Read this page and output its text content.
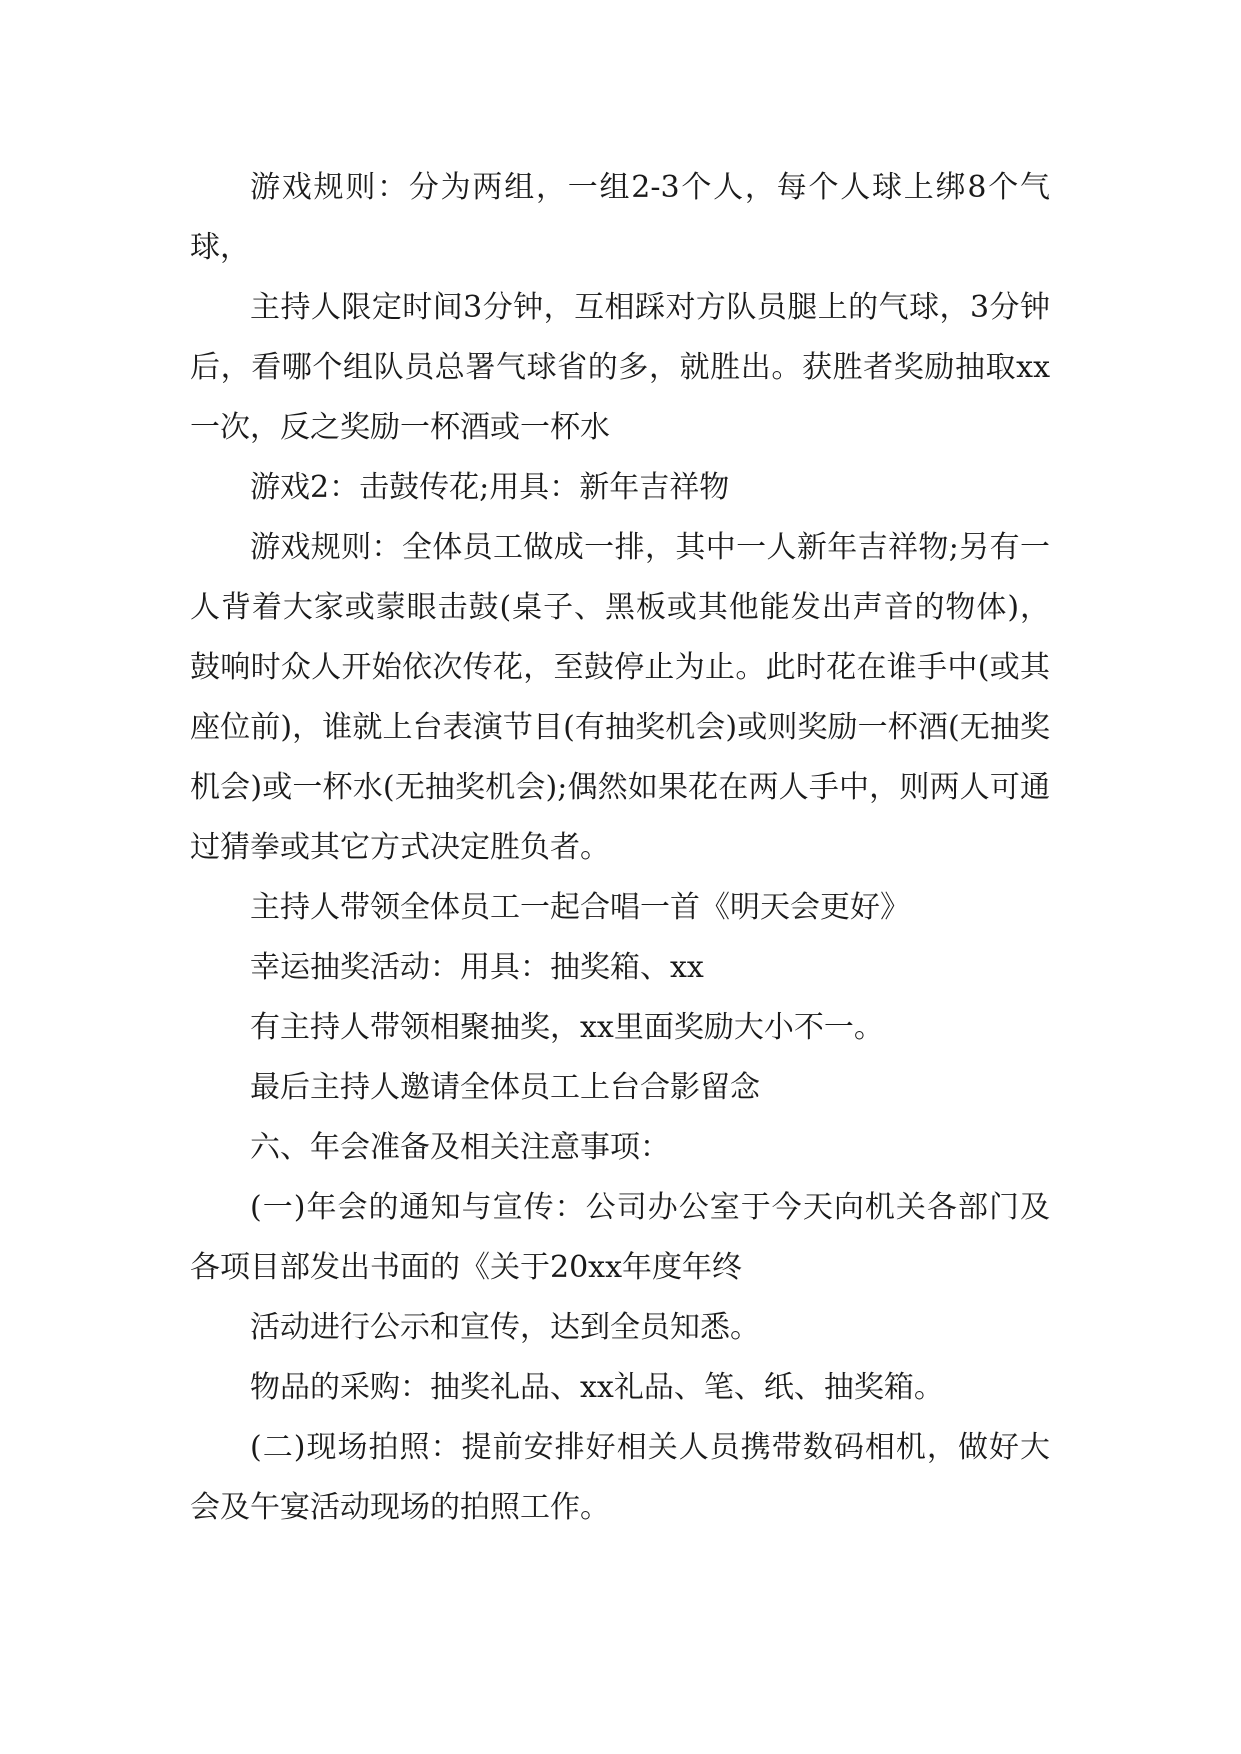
游戏规则：分为两组，一组2-3个人，每个人球上绑8个气球，

主持人限定时间3分钟，互相踩对方队员腿上的气球，3分钟后，看哪个组队员总署气球省的多，就胜出。获胜者奖励抽取xx一次，反之奖励一杯酒或一杯水

游戏2：击鼓传花;用具：新年吉祥物

游戏规则：全体员工做成一排，其中一人新年吉祥物;另有一人背着大家或蒙眼击鼓(桌子、黑板或其他能发出声音的物体)，鼓响时众人开始依次传花，至鼓停止为止。此时花在谁手中(或其座位前)，谁就上台表演节目(有抽奖机会)或则奖励一杯酒(无抽奖机会)或一杯水(无抽奖机会);偶然如果花在两人手中，则两人可通过猜拳或其它方式决定胜负者。

主持人带领全体员工一起合唱一首《明天会更好》

幸运抽奖活动：用具：抽奖箱、xx

有主持人带领相聚抽奖，xx里面奖励大小不一。

最后主持人邀请全体员工上台合影留念

六、年会准备及相关注意事项：

(一)年会的通知与宣传：公司办公室于今天向机关各部门及各项目部发出书面的《关于20xx年度年终

活动进行公示和宣传，达到全员知悉。

物品的采购：抽奖礼品、xx礼品、笔、纸、抽奖箱。

(二)现场拍照：提前安排好相关人员携带数码相机，做好大会及午宴活动现场的拍照工作。
